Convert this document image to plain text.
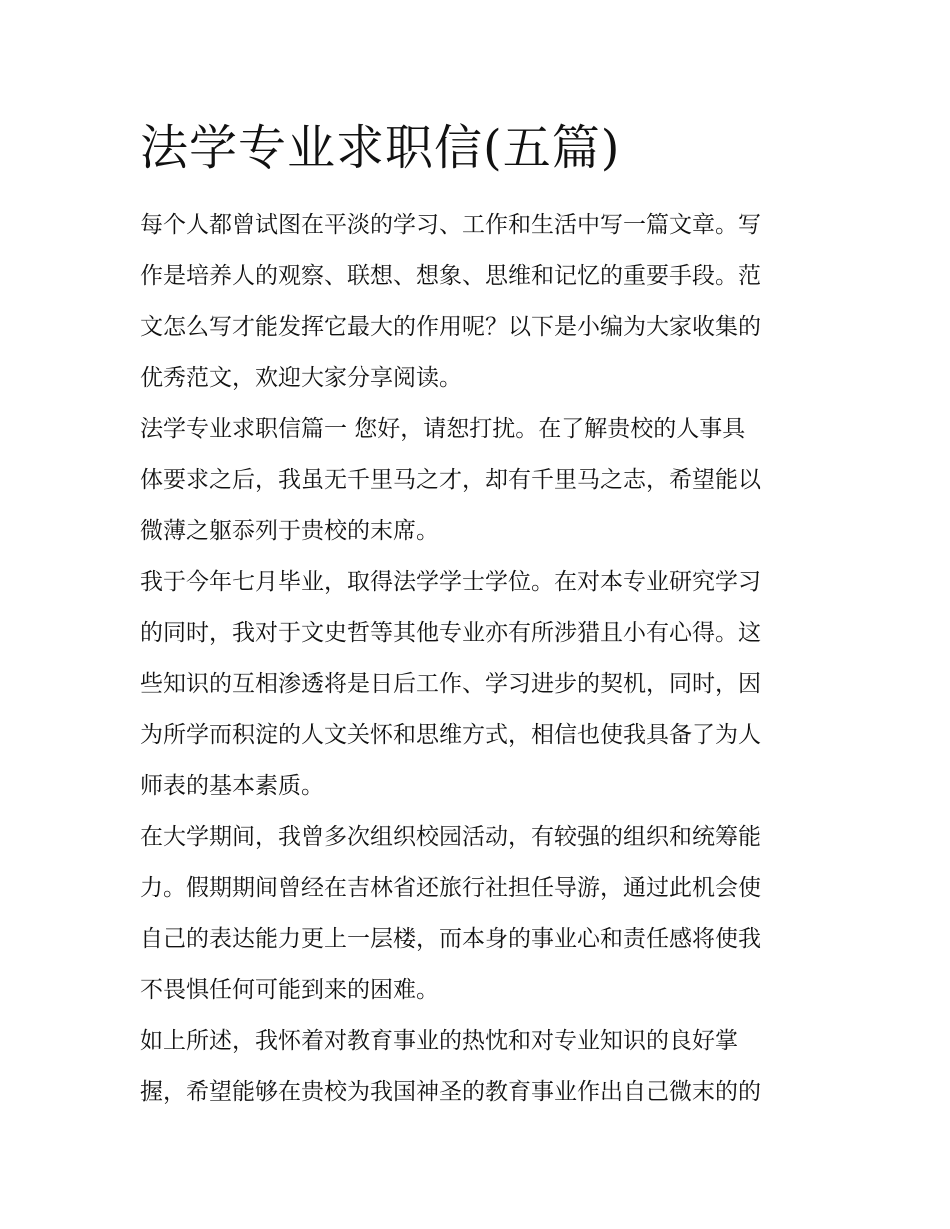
法学专业求职信(五篇)

每个人都曾试图在平淡的学习、工作和生活中写一篇文章。写

作是培养人的观察、联想、想象、思维和记忆的重要手段。范

文怎么写才能发挥它最大的作用呢？以下是小编为大家收集的

优秀范文，欢迎大家分享阅读。

法学专业求职信篇一 您好，请恕打扰。在了解贵校的人事具

体要求之后，我虽无千里马之才，却有千里马之志，希望能以

微薄之躯忝列于贵校的末席。

我于今年七月毕业，取得法学学士学位。在对本专业研究学习

的同时，我对于文史哲等其他专业亦有所涉猎且小有心得。这

些知识的互相渗透将是日后工作、学习进步的契机，同时，因

为所学而积淀的人文关怀和思维方式，相信也使我具备了为人

师表的基本素质。

在大学期间，我曾多次组织校园活动，有较强的组织和统筹能

力。假期期间曾经在吉林省还旅行社担任导游，通过此机会使

自己的表达能力更上一层楼，而本身的事业心和责任感将使我

不畏惧任何可能到来的困难。

如上所述，我怀着对教育事业的热忱和对专业知识的良好掌

握，希望能够在贵校为我国神圣的教育事业作出自己微末的的
